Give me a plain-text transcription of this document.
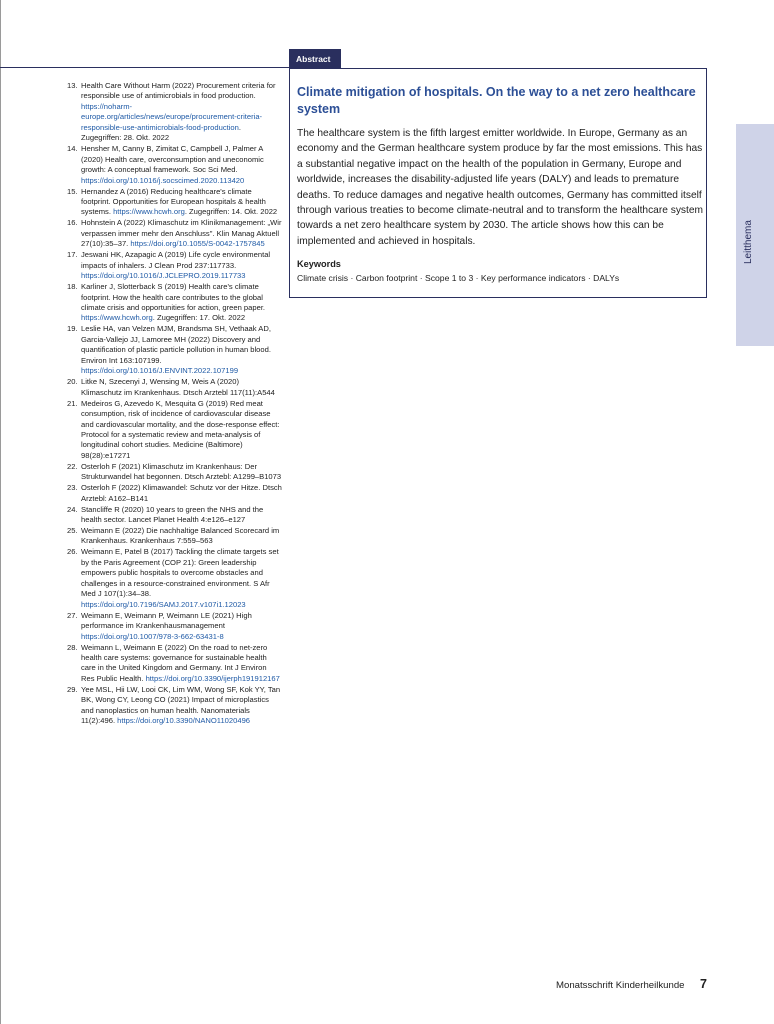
13. Health Care Without Harm (2022) Procurement criteria for responsible use of antimicrobials in food production. https://noharm-europe.org/articles/news/europe/procurement-criteria-responsible-use-antimicrobials-food-production. Zugegriffen: 28. Okt. 2022
14. Hensher M, Canny B, Zimitat C, Campbell J, Palmer A (2020) Health care, overconsumption and uneconomic growth: A conceptual framework. Soc Sci Med. https://doi.org/10.1016/j.socscimed.2020.113420
15. Hernandez A (2016) Reducing healthcare's climate footprint. Opportunities for European hospitals & health systems. https://www.hcwh.org. Zugegriffen: 14. Okt. 2022
16. Hohnstein A (2022) Klimaschutz im Klinikmanagement: „Wir verpassen immer mehr den Anschluss". Klin Manag Aktuell 27(10):35–37. https://doi.org/10.1055/S-0042-1757845
17. Jeswani HK, Azapagic A (2019) Life cycle environmental impacts of inhalers. J Clean Prod 237:117733. https://doi.org/10.1016/J.JCLEPRO.2019.117733
18. Karliner J, Slotterback S (2019) Health care's climate footprint. How the health care contributes to the global climate crisis and opportunities for action, green paper. https://www.hcwh.org. Zugegriffen: 17. Okt. 2022
19. Leslie HA, van Velzen MJM, Brandsma SH, Vethaak AD, Garcia-Vallejo JJ, Lamoree MH (2022) Discovery and quantification of plastic particle pollution in human blood. Environ Int 163:107199. https://doi.org/10.1016/J.ENVINT.2022.107199
20. Litke N, Szecenyi J, Wensing M, Weis A (2020) Klimaschutz im Krankenhaus. Dtsch Arztebl 117(11):A544
21. Medeiros G, Azevedo K, Mesquita G (2019) Red meat consumption, risk of incidence of cardiovascular disease and cardiovascular mortality, and the dose-response effect: Protocol for a systematic review and meta-analysis of longitudinal cohort studies. Medicine (Baltimore) 98(28):e17271
22. Osterloh F (2021) Klimaschutz im Krankenhaus: Der Strukturwandel hat begonnen. Dtsch Arztebl: A1299–B1073
23. Osterloh F (2022) Klimawandel: Schutz vor der Hitze. Dtsch Arztebl: A162–B141
24. Stancliffe R (2020) 10 years to green the NHS and the health sector. Lancet Planet Health 4:e126–e127
25. Weimann E (2022) Die nachhaltige Balanced Scorecard im Krankenhaus. Krankenhaus 7:559–563
26. Weimann E, Patel B (2017) Tackling the climate targets set by the Paris Agreement (COP 21): Green leadership empowers public hospitals to overcome obstacles and challenges in a resource-constrained environment. S Afr Med J 107(1):34–38. https://doi.org/10.7196/SAMJ.2017.v107i1.12023
27. Weimann E, Weimann P, Weimann LE (2021) High performance im Krankenhausmanagement https://doi.org/10.1007/978-3-662-63431-8
28. Weimann L, Weimann E (2022) On the road to net-zero health care systems: governance for sustainable health care in the United Kingdom and Germany. Int J Environ Res Public Health. https://doi.org/10.3390/ijerph191912167
29. Yee MSL, Hii LW, Looi CK, Lim WM, Wong SF, Kok YY, Tan BK, Wong CY, Leong CO (2021) Impact of microplastics and nanoplastics on human health. Nanomaterials 11(2):496. https://doi.org/10.3390/NANO11020496
Abstract
Climate mitigation of hospitals. On the way to a net zero healthcare system

The healthcare system is the fifth largest emitter worldwide. In Europe, Germany as an economy and the German healthcare system produce by far the most emissions. This has a substantial negative impact on the health of the population in Germany, Europe and worldwide, increases the disability-adjusted life years (DALY) and leads to premature deaths. To reduce damages and negative health outcomes, Germany has committed itself through various treaties to become climate-neutral and to transform the healthcare system towards a net zero healthcare system by 2030. The article shows how this can be implemented and achieved in hospitals.

Keywords
Climate crisis · Carbon footprint · Scope 1 to 3 · Key performance indicators · DALYs
Leitthema
Monatsschrift Kinderheilkunde 7
